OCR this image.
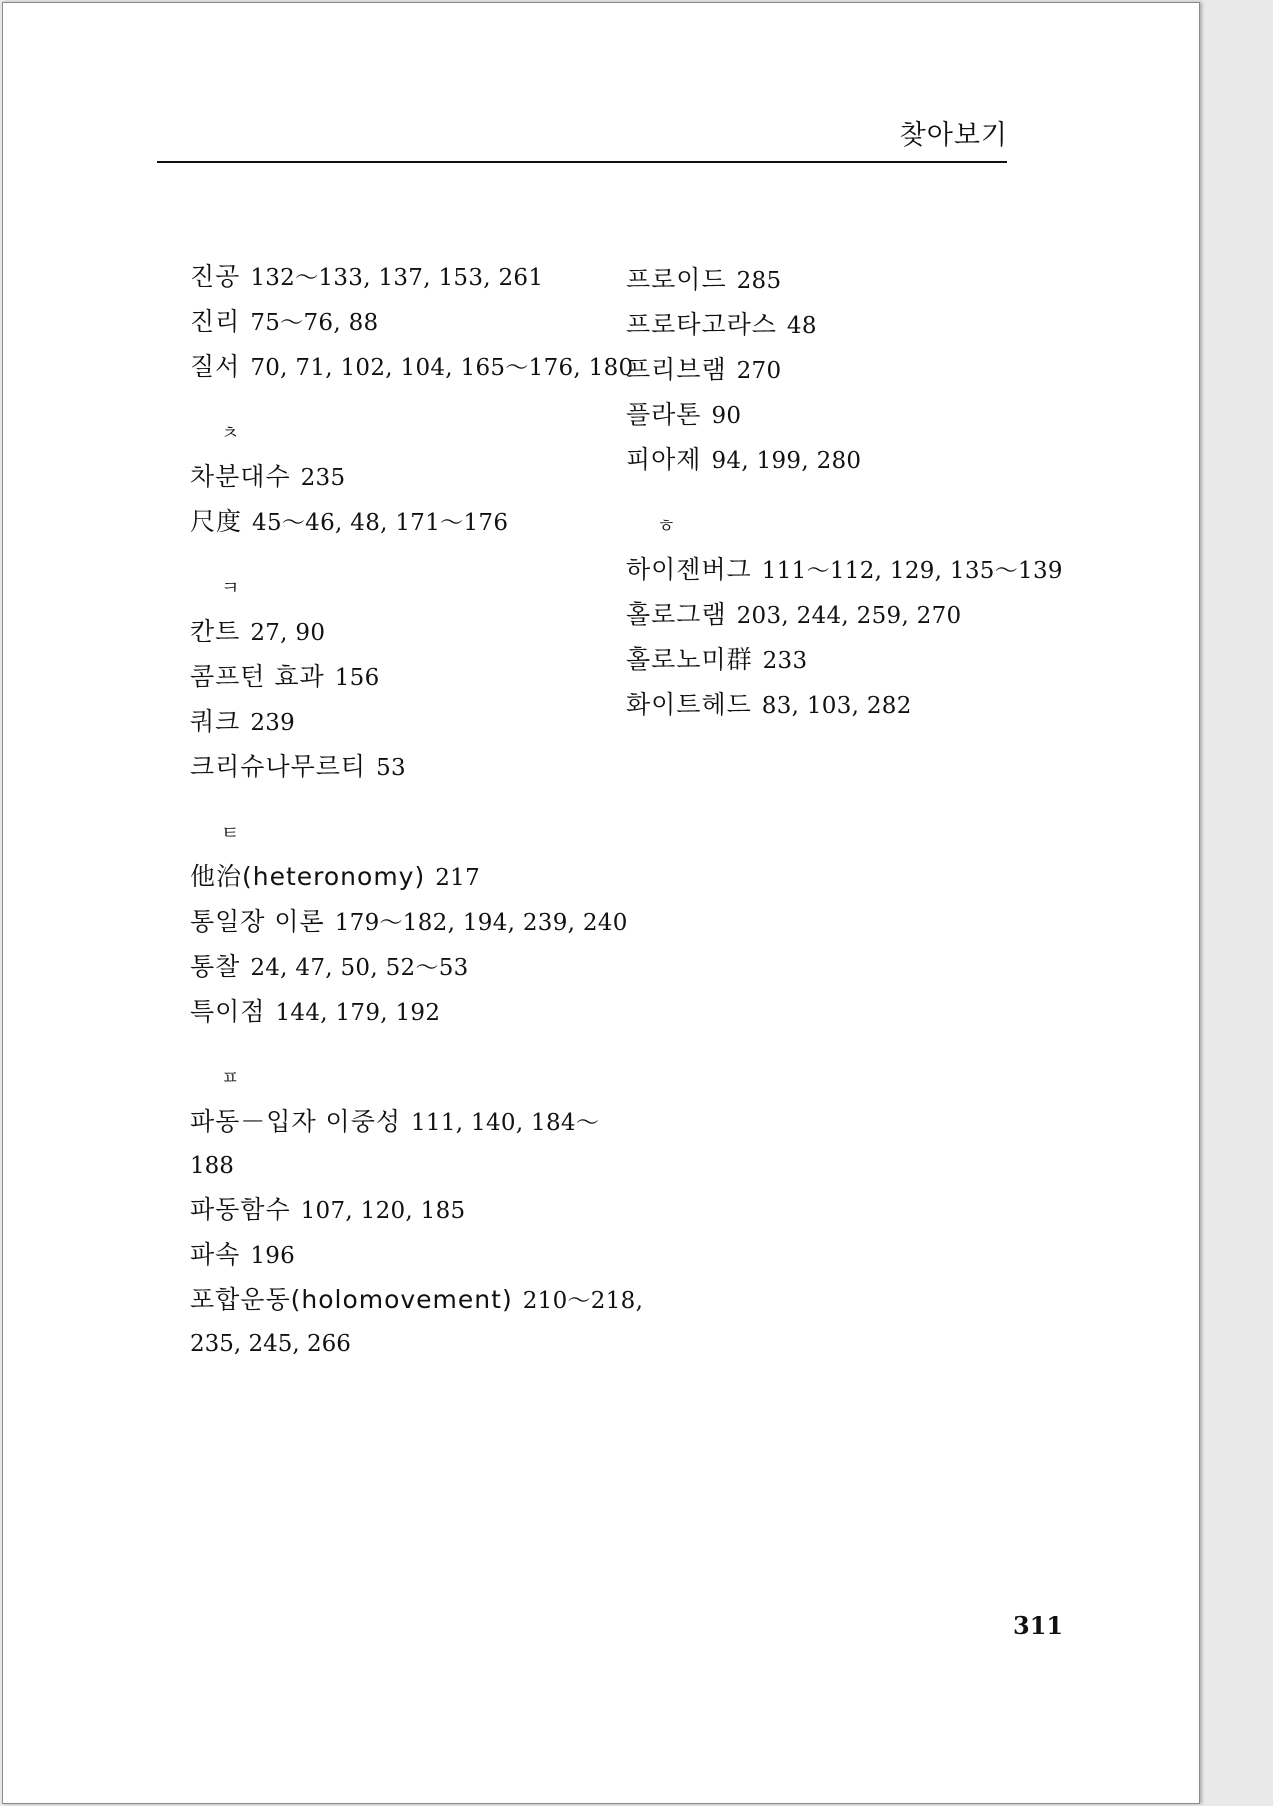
찾아보기
진공 132～133, 137, 153, 261
진리 75～76, 88
질서 70, 71, 102, 104, 165～176, 180
ㅊ
차분대수 235
尺度 45～46, 48, 171～176
ㅋ
칸트 27, 90
콤프턴 효과 156
쿼크 239
크리슈나무르티 53
ㅌ
他治(heteronomy) 217
통일장 이론 179～182, 194, 239, 240
통찰 24, 47, 50, 52～53
특이점 144, 179, 192
ㅍ
파동－입자 이중성 111, 140, 184～
188
파동함수 107, 120, 185
파속 196
포합운동(holomovement) 210～218,
235, 245, 266
프로이드 285
프로타고라스 48
프리브램 270
플라톤 90
피아제 94, 199, 280
ㅎ
하이젠버그 111～112, 129, 135～139
홀로그램 203, 244, 259, 270
홀로노미群 233
화이트헤드 83, 103, 282
311
